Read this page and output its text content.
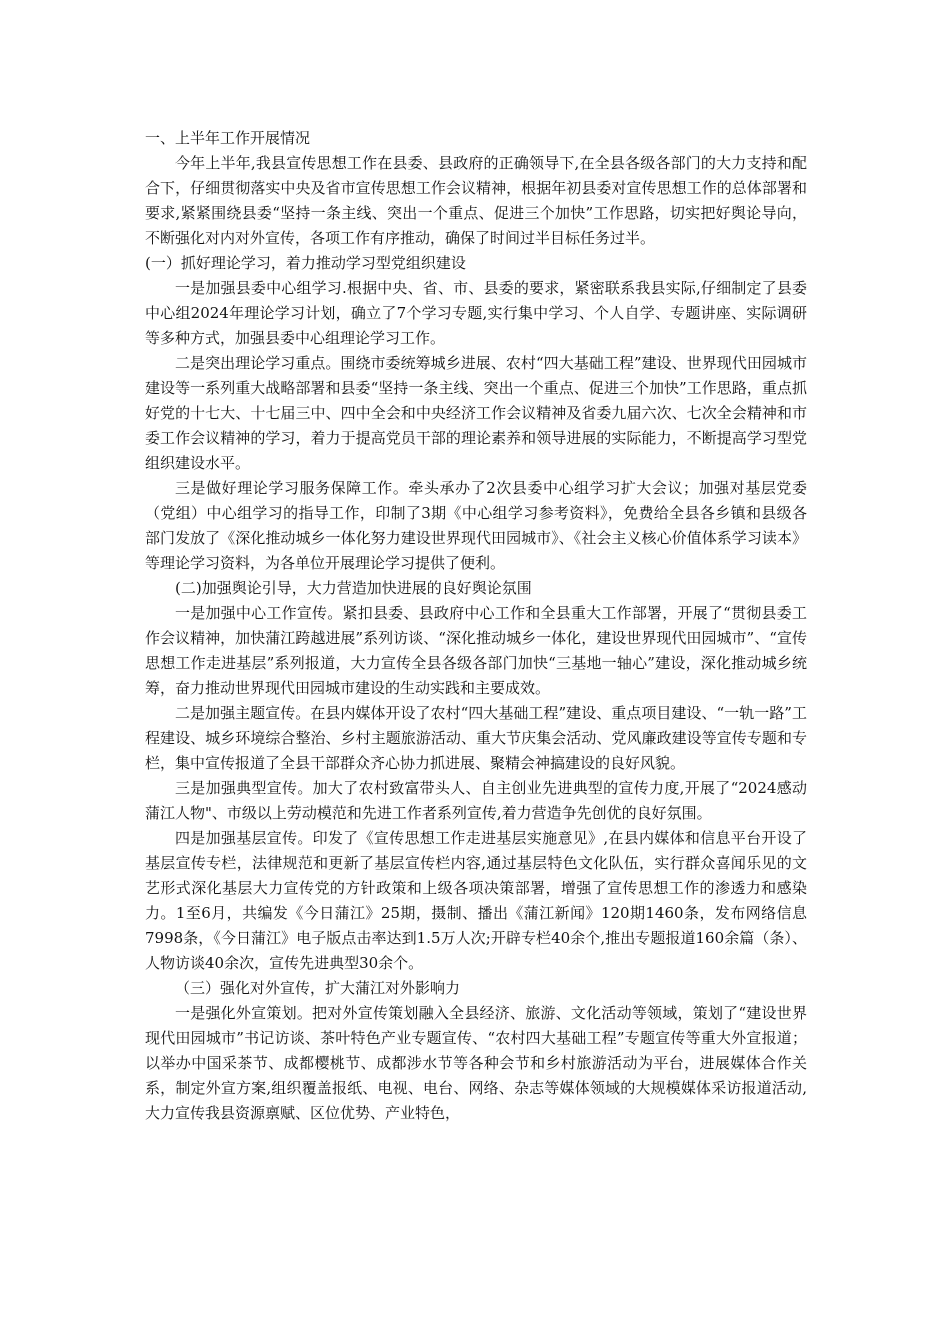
一、上半年工作开展情况

今年上半年,我县宣传思想工作在县委、县政府的正确领导下,在全县各级各部门的大力支持和配合下，仔细贯彻落实中央及省市宣传思想工作会议精神，根据年初县委对宣传思想工作的总体部署和要求,紧紧围绕县委“坚持一条主线、突出一个重点、促进三个加快”工作思路，切实把好舆论导向，不断强化对内对外宣传，各项工作有序推动，确保了时间过半目标任务过半。

(一）抓好理论学习，着力推动学习型党组织建设

一是加强县委中心组学习.根据中央、省、市、县委的要求，紧密联系我县实际,仔细制定了县委中心组2024年理论学习计划，确立了7个学习专题,实行集中学习、个人自学、专题讲座、实际调研等多种方式，加强县委中心组理论学习工作。

二是突出理论学习重点。围绕市委统筹城乡进展、农村“四大基础工程”建设、世界现代田园城市建设等一系列重大战略部署和县委“坚持一条主线、突出一个重点、促进三个加快”工作思路，重点抓好党的十七大、十七届三中、四中全会和中央经济工作会议精神及省委九届六次、七次全会精神和市委工作会议精神的学习，着力于提高党员干部的理论素养和领导进展的实际能力，不断提高学习型党组织建设水平。

三是做好理论学习服务保障工作。牵头承办了2次县委中心组学习扩大会议；加强对基层党委（党组）中心组学习的指导工作，印制了3期《中心组学习参考资料》，免费给全县各乡镇和县级各部门发放了《深化推动城乡一体化努力建设世界现代田园城市》、《社会主义核心价值体系学习读本》等理论学习资料，为各单位开展理论学习提供了便利。

(二)加强舆论引导，大力营造加快进展的良好舆论氛围

一是加强中心工作宣传。紧扣县委、县政府中心工作和全县重大工作部署，开展了“贯彻县委工作会议精神，加快蒲江跨越进展”系列访谈、“深化推动城乡一体化，建设世界现代田园城市”、“宣传思想工作走进基层”系列报道，大力宣传全县各级各部门加快“三基地一轴心”建设，深化推动城乡统筹，奋力推动世界现代田园城市建设的生动实践和主要成效。

二是加强主题宣传。在县内媒体开设了农村“四大基础工程”建设、重点项目建设、“一轨一路”工程建设、城乡环境综合整治、乡村主题旅游活动、重大节庆集会活动、党风廉政建设等宣传专题和专栏，集中宣传报道了全县干部群众齐心协力抓进展、聚精会神搞建设的良好风貌。

三是加强典型宣传。加大了农村致富带头人、自主创业先进典型的宣传力度,开展了“2024感动蒲江人物"、市级以上劳动模范和先进工作者系列宣传,着力营造争先创优的良好氛围。

四是加强基层宣传。印发了《宣传思想工作走进基层实施意见》,在县内媒体和信息平台开设了基层宣传专栏，法律规范和更新了基层宣传栏内容,通过基层特色文化队伍，实行群众喜闻乐见的文艺形式深化基层大力宣传党的方针政策和上级各项决策部署，增强了宣传思想工作的渗透力和感染力。1至6月，共编发《今日蒲江》25期，摄制、播出《蒲江新闻》120期1460条，发布网络信息7998条，《今日蒲江》电子版点击率达到1.5万人次;开辟专栏40余个,推出专题报道160余篇（条）、人物访谈40余次，宣传先进典型30余个。

（三）强化对外宣传，扩大蒲江对外影响力

一是强化外宣策划。把对外宣传策划融入全县经济、旅游、文化活动等领域，策划了“建设世界现代田园城市”书记访谈、茶叶特色产业专题宣传、“农村四大基础工程”专题宣传等重大外宣报道；以举办中国采茶节、成都樱桃节、成都涉水节等各种会节和乡村旅游活动为平台，进展媒体合作关系，制定外宣方案,组织覆盖报纸、电视、电台、网络、杂志等媒体领域的大规模媒体采访报道活动,大力宣传我县资源禀赋、区位优势、产业特色，
